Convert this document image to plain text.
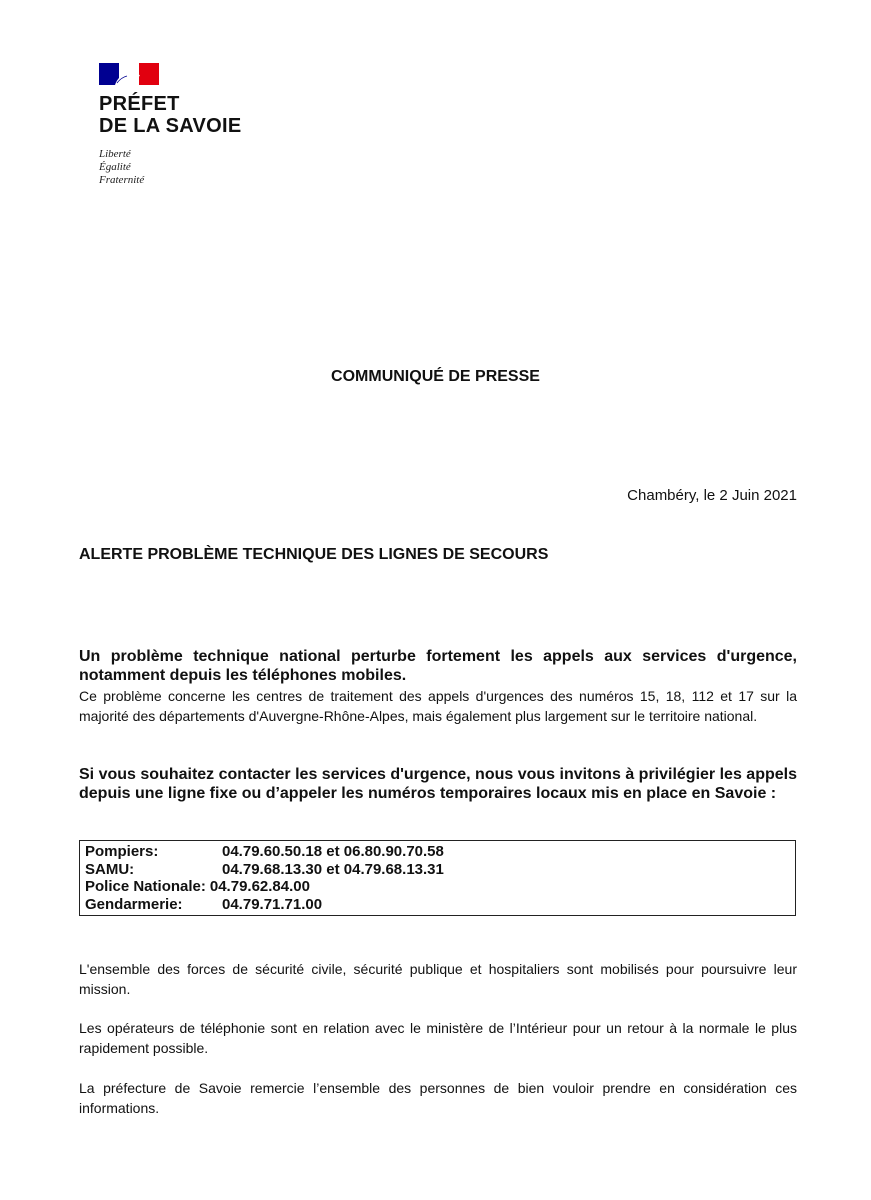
PRÉFET
DE LA SAVOIE
Liberté
Égalité
Fraternité
COMMUNIQUÉ DE PRESSE
Chambéry, le 2 Juin 2021
ALERTE PROBLÈME TECHNIQUE DES LIGNES DE SECOURS
Un problème technique national perturbe fortement les appels aux services d'urgence, notamment depuis les téléphones mobiles.
Ce problème concerne les centres de traitement des appels d'urgences des numéros 15, 18, 112 et 17 sur la majorité des départements d'Auvergne-Rhône-Alpes, mais également plus largement sur le territoire national.
Si vous souhaitez contacter les services d'urgence, nous vous invitons à privilégier les appels depuis une ligne fixe ou d’appeler les numéros temporaires locaux mis en place en Savoie :
Pompiers:	04.79.60.50.18 et 06.80.90.70.58
SAMU:	04.79.68.13.30 et 04.79.68.13.31
Police Nationale: 04.79.62.84.00
Gendarmerie:	04.79.71.71.00
L'ensemble des forces de sécurité civile, sécurité publique et hospitaliers sont mobilisés pour poursuivre leur mission.
Les opérateurs de téléphonie sont en relation avec le ministère de l’Intérieur pour un retour à la normale le plus rapidement possible.
La préfecture de Savoie remercie l’ensemble des personnes de bien vouloir prendre en considération ces informations.
